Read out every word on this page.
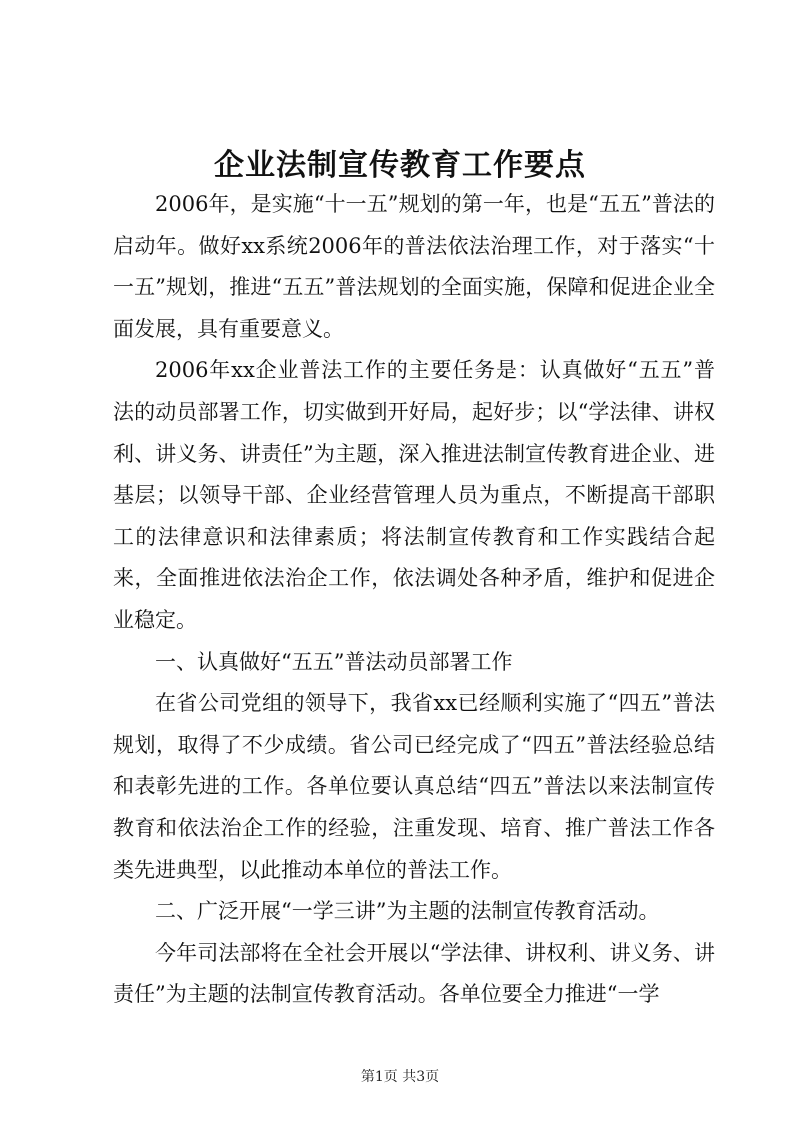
企业法制宣传教育工作要点

2006年，是实施“十一五”规划的第一年，也是“五五”普法的启动年。做好xx系统2006年的普法依法治理工作，对于落实“十一五”规划，推进“五五”普法规划的全面实施，保障和促进企业全面发展，具有重要意义。

2006年xx企业普法工作的主要任务是：认真做好“五五”普法的动员部署工作，切实做到开好局，起好步；以“学法律、讲权利、讲义务、讲责任”为主题，深入推进法制宣传教育进企业、进基层；以领导干部、企业经营管理人员为重点，不断提高干部职工的法律意识和法律素质；将法制宣传教育和工作实践结合起来，全面推进依法治企工作，依法调处各种矛盾，维护和促进企业稳定。

一、认真做好“五五”普法动员部署工作

在省公司党组的领导下，我省xx已经顺利实施了“四五”普法规划，取得了不少成绩。省公司已经完成了“四五”普法经验总结和表彰先进的工作。各单位要认真总结“四五”普法以来法制宣传教育和依法治企工作的经验，注重发现、培育、推广普法工作各类先进典型，以此推动本单位的普法工作。

二、广泛开展“一学三讲”为主题的法制宣传教育活动。

今年司法部将在全社会开展以“学法律、讲权利、讲义务、讲责任”为主题的法制宣传教育活动。各单位要全力推进“一学

第1页 共3页
